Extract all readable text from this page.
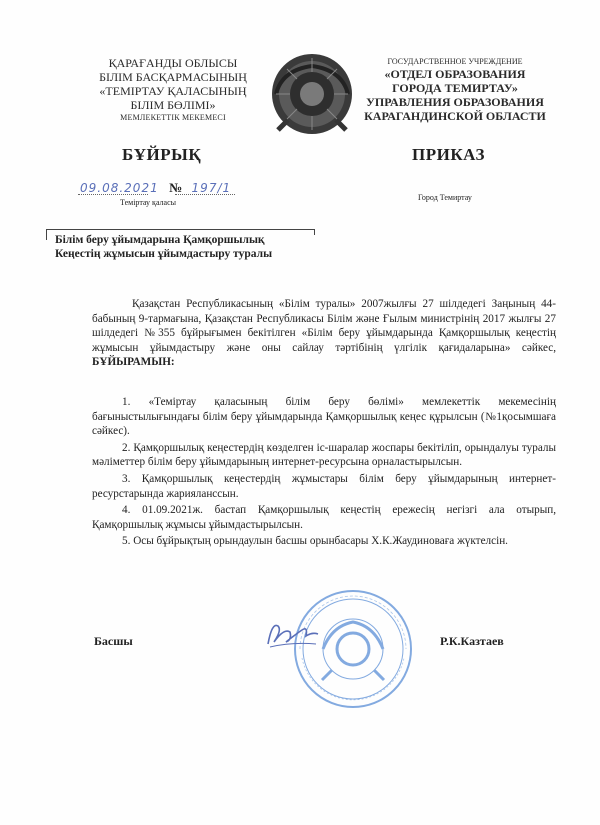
ҚАРАҒАНДЫ ОБЛЫСЫ
БІЛІМ БАСҚАРМАСЫНЫҢ
«ТЕМІРТАУ ҚАЛАСЫНЫҢ
БІЛІМ БӨЛІМІ»
МЕМЛЕКЕТТІК МЕКЕМЕСІ
ГОСУДАРСТВЕННОЕ УЧРЕЖДЕНИЕ
«ОТДЕЛ ОБРАЗОВАНИЯ
ГОРОДА ТЕМИРТАУ»
УПРАВЛЕНИЯ ОБРАЗОВАНИЯ
КАРАГАНДИНСКОЙ ОБЛАСТИ
БҰЙРЫҚ	ПРИКАЗ
09.08.2021 № 197/1
Теміртау қаласы
Город Темиртау
Білім беру ұйымдарына Қамқоршылық
Кеңестің жұмысын ұйымдастыру туралы
Қазақстан Республикасының «Білім туралы» 2007жылғы 27 шілдедегі Заңының 44-бабының 9-тармағына, Қазақстан Республикасы Білім және Ғылым министрінің 2017 жылғы 27 шілдедегі №355 бұйрығымен бекітілген «Білім беру ұйымдарында Қамқоршылық кеңестің жұмысын ұйымдастыру және оны сайлау тәртібінің үлгілік қағидаларына» сәйкес, БҰЙЫРАМЫН:
1. «Теміртау қаласының білім беру бөлімі» мемлекеттік мекемесінің бағыныстылығындағы білім беру ұйымдарында Қамқоршылық кеңес құрылсын (№1қосымшаға сәйкес).
2. Қамқоршылық кеңестердің көзделген іс-шаралар жоспары бекітіліп, орындалуы туралы мәліметтер білім беру ұйымдарының интернет-ресурсына орналастырылсын.
3. Қамқоршылық кеңестердің жұмыстары білім беру ұйымдарының интернет-ресурстарында жарияланссын.
4. 01.09.2021ж. бастап Қамқоршылық кеңестің ережесің негізгі ала отырып, Қамқоршылық жұмысы ұйымдастырылсын.
5. Осы бұйрықтың орындаулын басшы орынбасары Х.К.Жаудиноваға жүктелсін.
Басшы	Р.К.Казтаев
